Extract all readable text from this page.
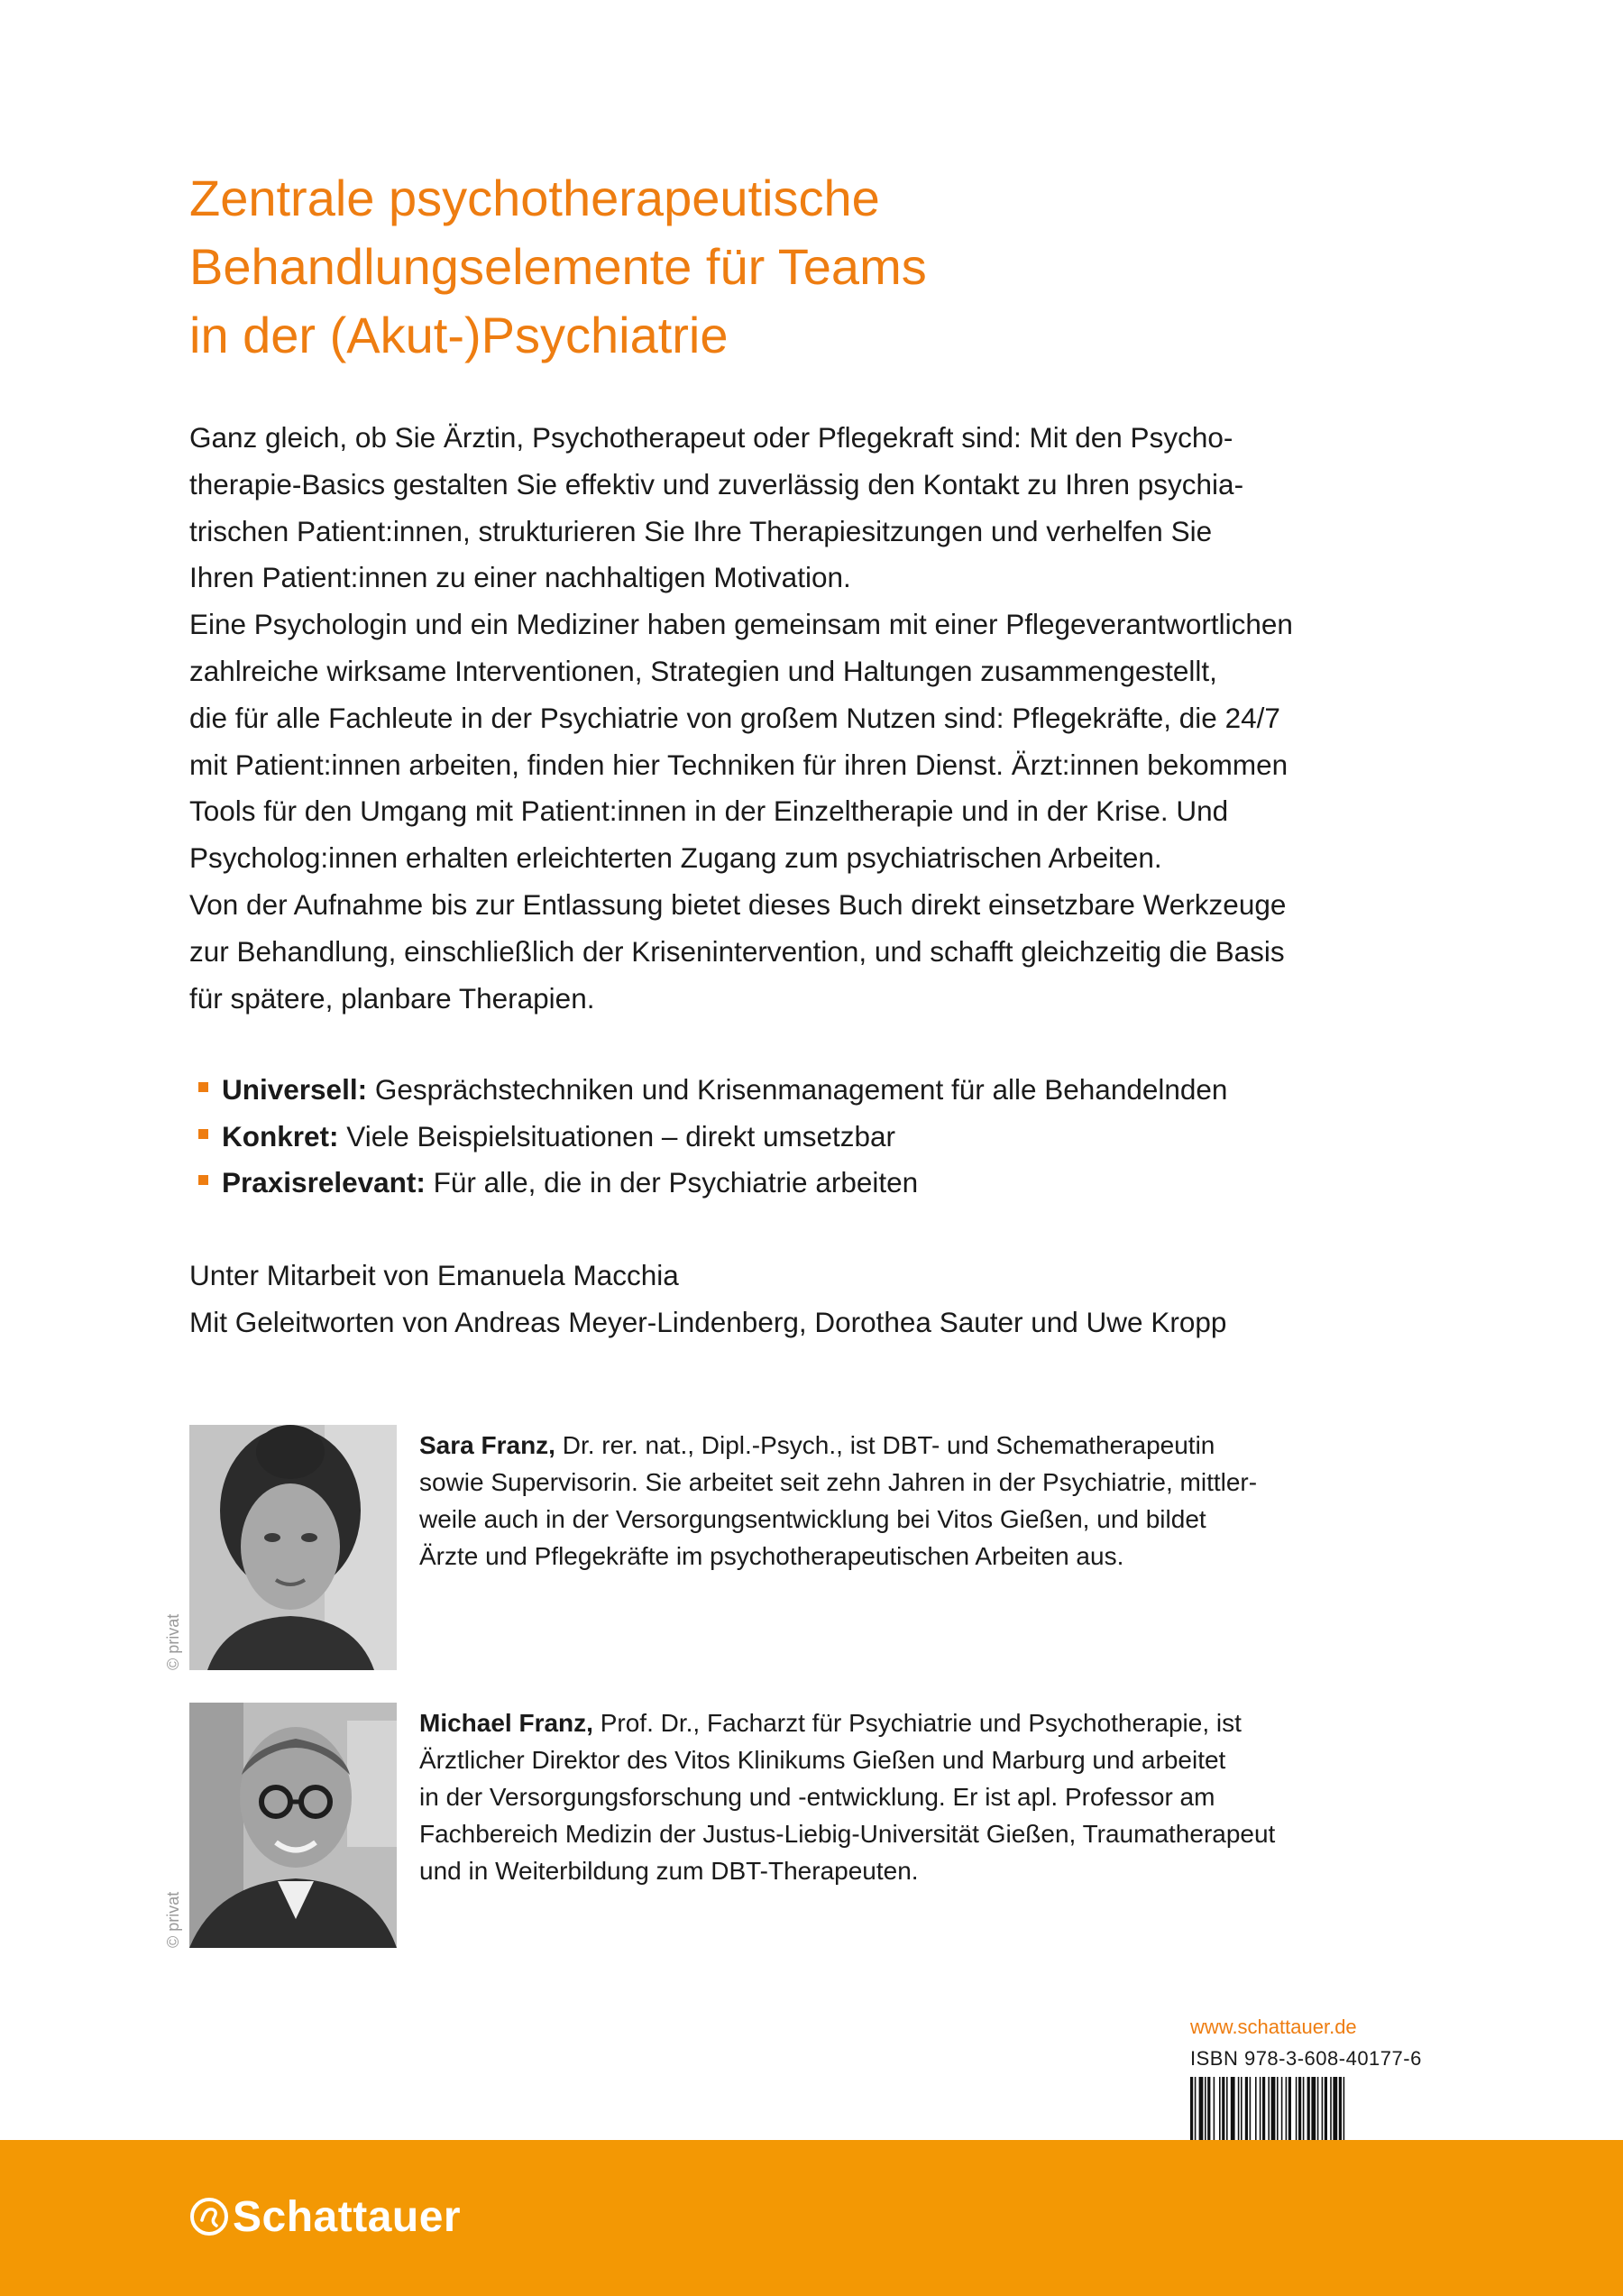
Zentrale psychotherapeutische
Behandlungselemente für Teams
in der (Akut-)Psychiatrie
Ganz gleich, ob Sie Ärztin, Psychotherapeut oder Pflegekraft sind: Mit den Psycho-
therapie-Basics gestalten Sie effektiv und zuverlässig den Kontakt zu Ihren psychia-
trischen Patient:innen, strukturieren Sie Ihre Therapiesitzungen und verhelfen Sie
Ihren Patient:innen zu einer nachhaltigen Motivation.
Eine Psychologin und ein Mediziner haben gemeinsam mit einer Pflegeverantwortlichen
zahlreiche wirksame Interventionen, Strategien und Haltungen zusammengestellt,
die für alle Fachleute in der Psychiatrie von großem Nutzen sind: Pflegekräfte, die 24/7
mit Patient:innen arbeiten, finden hier Techniken für ihren Dienst. Ärzt:innen bekommen
Tools für den Umgang mit Patient:innen in der Einzeltherapie und in der Krise. Und
Psycholog:innen erhalten erleichterten Zugang zum psychiatrischen Arbeiten.
Von der Aufnahme bis zur Entlassung bietet dieses Buch direkt einsetzbare Werkzeuge
zur Behandlung, einschließlich der Krisenintervention, und schafft gleichzeitig die Basis
für spätere, planbare Therapien.
Universell: Gesprächstechniken und Krisenmanagement für alle Behandelnden
Konkret: Viele Beispielsituationen – direkt umsetzbar
Praxisrelevant: Für alle, die in der Psychiatrie arbeiten
Unter Mitarbeit von Emanuela Macchia
Mit Geleitworten von Andreas Meyer-Lindenberg, Dorothea Sauter und Uwe Kropp
© privat
Sara Franz, Dr. rer. nat., Dipl.-Psych., ist DBT- und Schematherapeutin
sowie Supervisorin. Sie arbeitet seit zehn Jahren in der Psychiatrie, mittler-
weile auch in der Versorgungsentwicklung bei Vitos Gießen, und bildet
Ärzte und Pflegekräfte im psychotherapeutischen Arbeiten aus.
© privat
Michael Franz, Prof. Dr., Facharzt für Psychiatrie und Psychotherapie, ist
Ärztlicher Direktor des Vitos Klinikums Gießen und Marburg und arbeitet
in der Versorgungsforschung und -entwicklung. Er ist apl. Professor am
Fachbereich Medizin der Justus-Liebig-Universität Gießen, Traumatherapeut
und in Weiterbildung zum DBT-Therapeuten.
www.schattauer.de
ISBN 978-3-608-40177-6
Schattauer
